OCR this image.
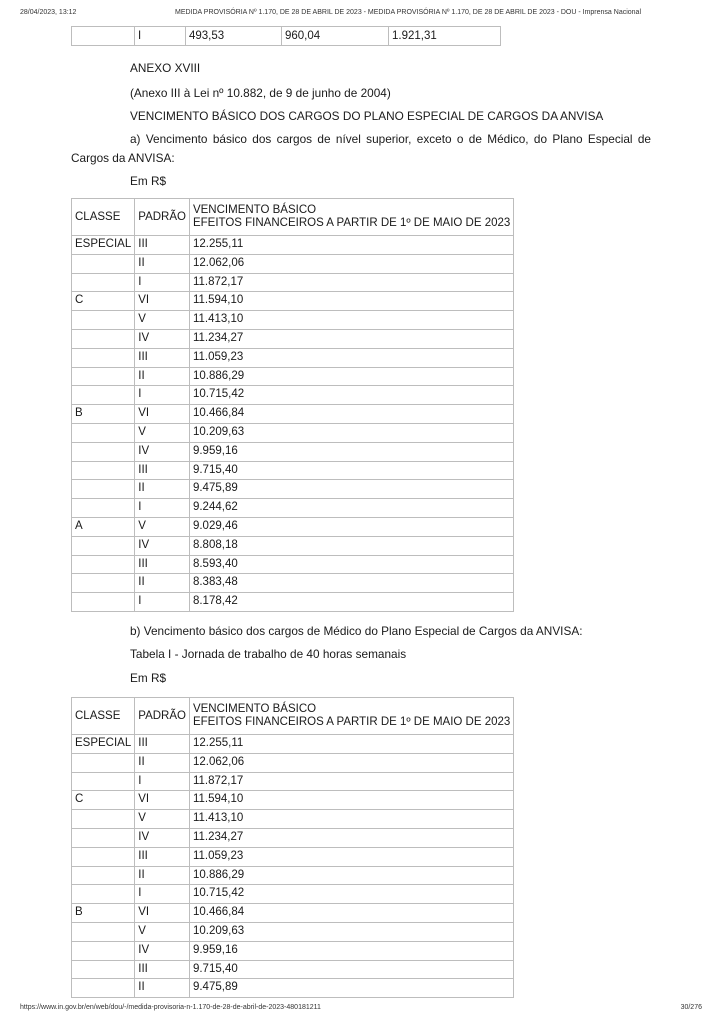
28/04/2023, 13:12	MEDIDA PROVISÓRIA Nº 1.170, DE 28 DE ABRIL DE 2023 - MEDIDA PROVISÓRIA Nº 1.170, DE 28 DE ABRIL DE 2023 - DOU - Imprensa Nacional
	I	493,53	960,04	1.921,31
ANEXO XVIII
(Anexo III à Lei nº 10.882, de 9 de junho de 2004)
VENCIMENTO BÁSICO DOS CARGOS DO PLANO ESPECIAL DE CARGOS DA ANVISA
a) Vencimento básico dos cargos de nível superior, exceto o de Médico, do Plano Especial de Cargos da ANVISA:
Em R$
CLASSE	PADRÃO	VENCIMENTO BÁSICO
EFEITOS FINANCEIROS A PARTIR DE 1º DE MAIO DE 2023

ESPECIAL	III	12.255,11
	II	12.062,06
	I	11.872,17
C	VI	11.594,10
	V	11.413,10
	IV	11.234,27
	III	11.059,23
	II	10.886,29
	I	10.715,42
B	VI	10.466,84
	V	10.209,63
	IV	9.959,16
	III	9.715,40
	II	9.475,89
	I	9.244,62
A	V	9.029,46
	IV	8.808,18
	III	8.593,40
	II	8.383,48
	I	8.178,42
b) Vencimento básico dos cargos de Médico do Plano Especial de Cargos da ANVISA:
Tabela I - Jornada de trabalho de 40 horas semanais
Em R$
CLASSE	PADRÃO	VENCIMENTO BÁSICO
EFEITOS FINANCEIROS A PARTIR DE 1º DE MAIO DE 2023

ESPECIAL	III	12.255,11
	II	12.062,06
	I	11.872,17
C	VI	11.594,10
	V	11.413,10
	IV	11.234,27
	III	11.059,23
	II	10.886,29
	I	10.715,42
B	VI	10.466,84
	V	10.209,63
	IV	9.959,16
	III	9.715,40
	II	9.475,89
https://www.in.gov.br/en/web/dou/-/medida-provisoria-n-1.170-de-28-de-abril-de-2023-480181211	30/276
